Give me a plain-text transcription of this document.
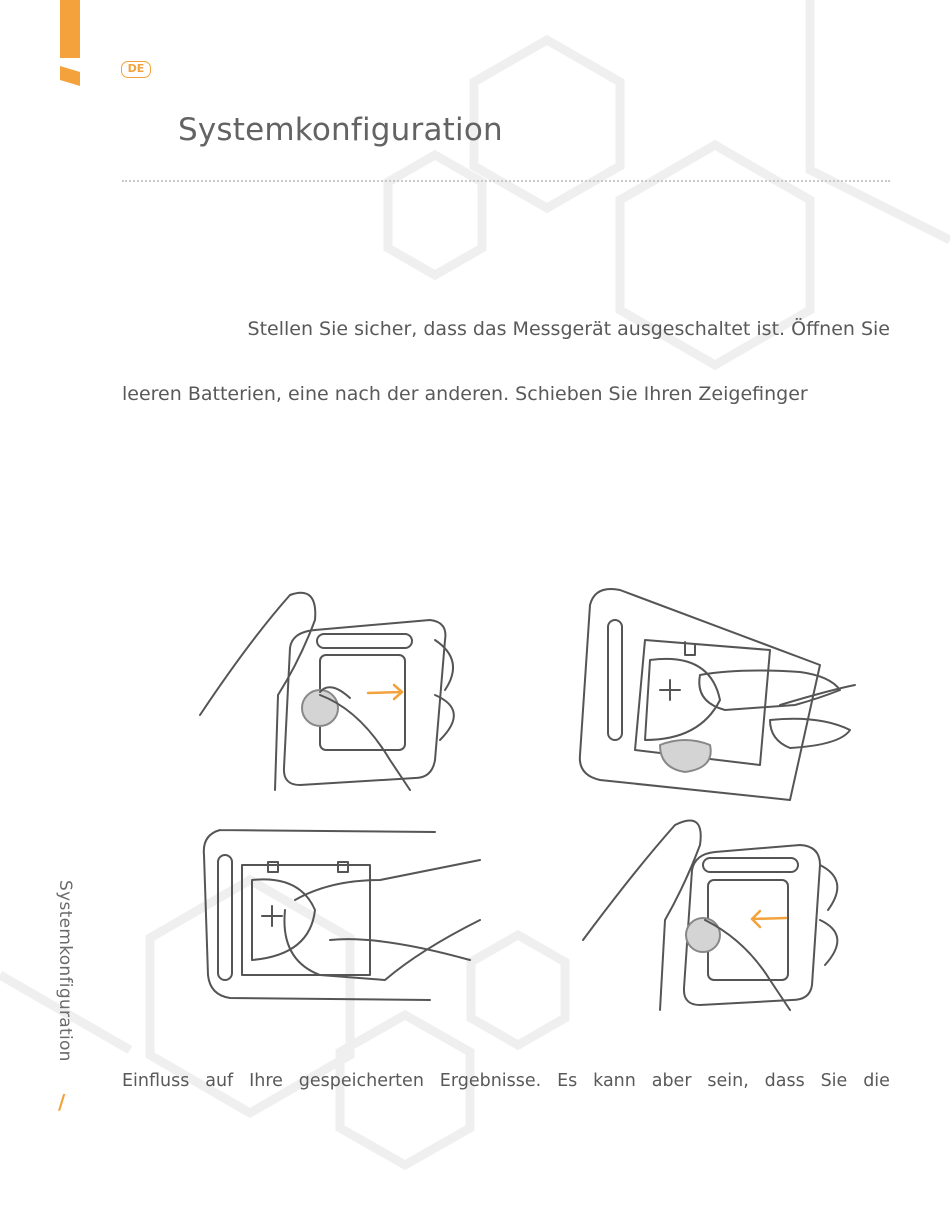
DE
Systemkonfiguration

Stellen Sie sicher, dass das Messgerät ausgeschaltet ist. Öffnen Sie

leeren Batterien, eine nach der anderen. Schieben Sie Ihren Zeigefinger

Einfluss auf Ihre gespeicherten Ergebnisse. Es kann aber sein, dass Sie die

Systemkonfiguration
/
